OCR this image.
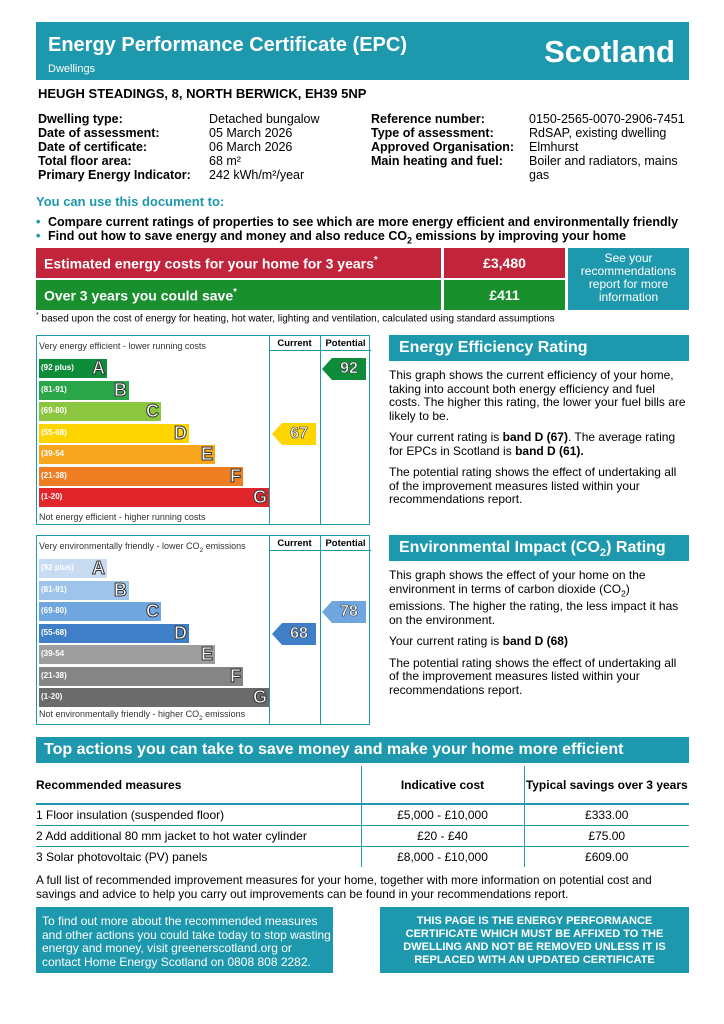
Energy Performance Certificate (EPC)
Dwellings	Scotland
HEUGH STEADINGS, 8, NORTH BERWICK, EH39 5NP
Dwelling type:	Detached bungalow
Date of assessment:	05 March 2026
Date of certificate:	06 March 2026
Total floor area:	68 m²
Primary Energy Indicator:	242 kWh/m²/year
Reference number:	0150-2565-0070-2906-7451
Type of assessment:	RdSAP, existing dwelling
Approved Organisation:	Elmhurst
Main heating and fuel:	Boiler and radiators, mains gas
You can use this document to:
• Compare current ratings of properties to see which are more energy efficient and environmentally friendly
• Find out how to save energy and money and also reduce $CO_2$ emissions by improving your home
Estimated energy costs for your home for 3 years*	£3,480
Over 3 years you could save*	£411
See your recommendations report for more information
* based upon the cost of energy for heating, hot water, lighting and ventilation, calculated using standard assumptions
Current	Potential
Very energy efficient - lower running costs
Not energy efficient - higher running costs
(92 plus) A
(81-91)	B
(69-80)	C
(55-68)	D
(39-54	E
(21-38)	F
(1-20)	G
67
92
Current	Potential
Very environmentally friendly - lower $CO_2$ emissions
Not environmentally friendly - higher $CO_2$ emissions
(92 plus) A
(81-91)	B
(69-80)	C
(55-68)	D
(39-54	E
(21-38)	F
(1-20)	G
68
78
Energy Efficiency Rating

This graph shows the current efficiency of your home, taking into account both energy efficiency and fuel costs. The higher this rating, the lower your fuel bills are likely to be.

Your current rating is band D (67). The average rating for EPCs in Scotland is band D (61).

The potential rating shows the effect of undertaking all of the improvement measures listed within your recommendations report.

Environmental Impact $(CO_2)$ Rating

This graph shows the effect of your home on the environment in terms of carbon dioxide $(CO_2)$ emissions. The higher the rating, the less impact it has on the environment.

Your current rating is band D (68)

The potential rating shows the effect of undertaking all of the improvement measures listed within your recommendations report.

Top actions you can take to save money and make your home more efficient
Recommended measures	Indicative cost	Typical savings over 3 years
1 Floor insulation (suspended floor)	£5,000 - £10,000	£333.00
2 Add additional 80 mm jacket to hot water cylinder	£20 - £40	£75.00
3 Solar photovoltaic (PV) panels	£8,000 - £10,000	£609.00
A full list of recommended improvement measures for your home, together with more information on potential cost and savings and advice to help you carry out improvements can be found in your recommendations report.
To find out more about the recommended measures and other actions you could take today to stop wasting energy and money, visit greenerscotland.org or contact Home Energy Scotland on 0808 808 2282.
THIS PAGE IS THE ENERGY PERFORMANCE CERTIFICATE WHICH MUST BE AFFIXED TO THE DWELLING AND NOT BE REMOVED UNLESS IT IS REPLACED WITH AN UPDATED CERTIFICATE
